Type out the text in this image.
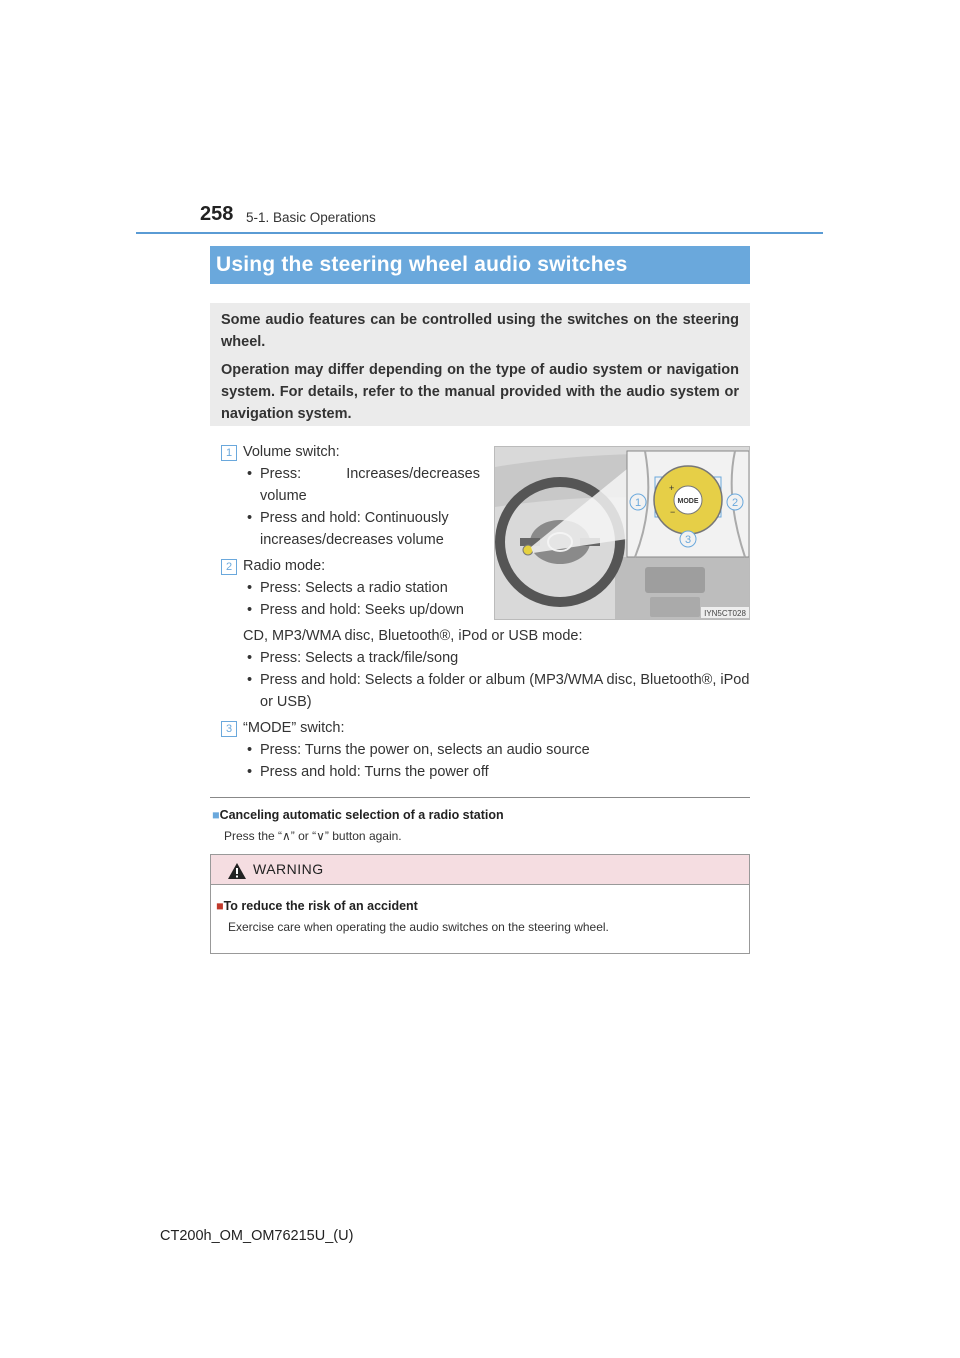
258 5-1. Basic Operations
Using the steering wheel audio switches

Some audio features can be controlled using the switches on the steering wheel.

Operation may differ depending on the type of audio system or navigation system. For details, refer to the manual provided with the audio system or navigation system.

1 Volume switch:
• Press: Increases/decreases volume
• Press and hold: Continuously increases/decreases volume
2 Radio mode:
• Press: Selects a radio station
• Press and hold: Seeks up/down
CD, MP3/WMA disc, Bluetooth®, iPod or USB mode:
• Press: Selects a track/file/song
• Press and hold: Selects a folder or album (MP3/WMA disc, Bluetooth®, iPod or USB)
3 “MODE” switch:
• Press: Turns the power on, selects an audio source
• Press and hold: Turns the power off
MODE
+
−
1	2
3
IYN5CT028
■Canceling automatic selection of a radio station
Press the “∧” or “∨” button again.
WARNING
■To reduce the risk of an accident
Exercise care when operating the audio switches on the steering wheel.
CT200h_OM_OM76215U_(U)
